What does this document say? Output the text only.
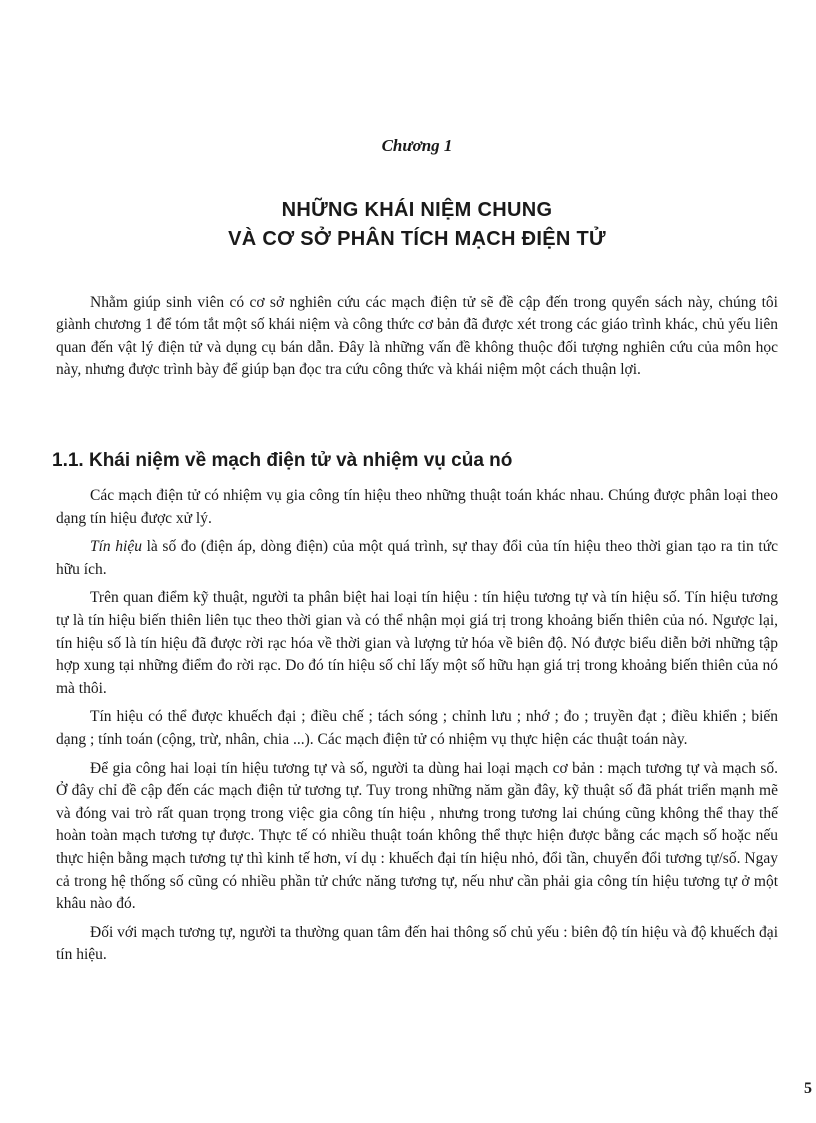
Chương 1
NHỮNG KHÁI NIỆM CHUNG
VÀ CƠ SỞ PHÂN TÍCH MẠCH ĐIỆN TỬ

Nhằm giúp sinh viên có cơ sở nghiên cứu các mạch điện tử sẽ đề cập đến trong quyển sách này, chúng tôi giành chương 1 để tóm tắt một số khái niệm và công thức cơ bản đã được xét trong các giáo trình khác, chủ yếu liên quan đến vật lý điện tử và dụng cụ bán dẫn. Đây là những vấn đề không thuộc đối tượng nghiên cứu của môn học này, nhưng được trình bày để giúp bạn đọc tra cứu công thức và khái niệm một cách thuận lợi.

1.1. Khái niệm về mạch điện tử và nhiệm vụ của nó

Các mạch điện tử có nhiệm vụ gia công tín hiệu theo những thuật toán khác nhau. Chúng được phân loại theo dạng tín hiệu được xử lý.

Tín hiệu là số đo (điện áp, dòng điện) của một quá trình, sự thay đổi của tín hiệu theo thời gian tạo ra tin tức hữu ích.

Trên quan điểm kỹ thuật, người ta phân biệt hai loại tín hiệu : tín hiệu tương tự và tín hiệu số. Tín hiệu tương tự là tín hiệu biến thiên liên tục theo thời gian và có thể nhận mọi giá trị trong khoảng biến thiên của nó. Ngược lại, tín hiệu số là tín hiệu đã được rời rạc hóa về thời gian và lượng tử hóa về biên độ. Nó được biểu diễn bởi những tập hợp xung tại những điểm đo rời rạc. Do đó tín hiệu số chỉ lấy một số hữu hạn giá trị trong khoảng biến thiên của nó mà thôi.

Tín hiệu có thể được khuếch đại ; điều chế ; tách sóng ; chỉnh lưu ; nhớ ; đo ; truyền đạt ; điều khiển ; biến dạng ; tính toán (cộng, trừ, nhân, chia ...). Các mạch điện tử có nhiệm vụ thực hiện các thuật toán này.

Để gia công hai loại tín hiệu tương tự và số, người ta dùng hai loại mạch cơ bản : mạch tương tự và mạch số. Ở đây chỉ đề cập đến các mạch điện tử tương tự. Tuy trong những năm gần đây, kỹ thuật số đã phát triển mạnh mẽ và đóng vai trò rất quan trọng trong việc gia công tín hiệu , nhưng trong tương lai chúng cũng không thể thay thế hoàn toàn mạch tương tự được. Thực tế có nhiều thuật toán không thể thực hiện được bằng các mạch số hoặc nếu thực hiện bằng mạch tương tự thì kinh tế hơn, ví dụ : khuếch đại tín hiệu nhỏ, đổi tần, chuyển đổi tương tự/số. Ngay cả trong hệ thống số cũng có nhiều phần tử chức năng tương tự, nếu như cần phải gia công tín hiệu tương tự ở một khâu nào đó.

Đối với mạch tương tự, người ta thường quan tâm đến hai thông số chủ yếu : biên độ tín hiệu và độ khuếch đại tín hiệu.

5
